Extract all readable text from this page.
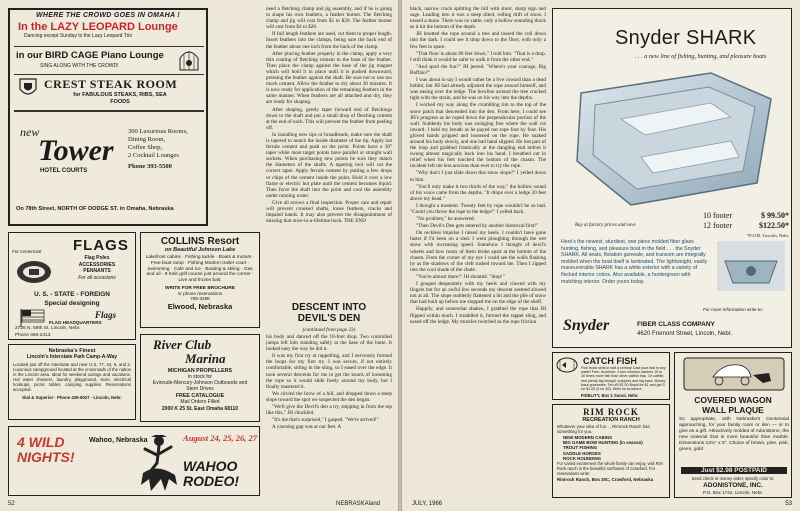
WHERE THE CROWD GOES IN OMAHA !
In the LAZY LEOPARD Lounge
Dancing except Sunday to the Lazy Leopard Trio
in our BIRD CAGE Piano Lounge
SING ALONG WITH THE CROWD!
CREST STEAK ROOM
for FABULOUS STEAKS, RIBS, SEA FOODS
new
Tower
HOTEL COURTS
300 Luxurious Rooms,
Dining Room,
Coffee Shop,
2 Cocktail Lounges
Phone 393-5500
On 78th Street, NORTH OF DODGE ST. in Omaha, Nebraska
For centennial FLAGS
Flag Poles
ACCESSORIES
PENNANTS
For all occasions
U. S. - STATE - FOREIGN
Special designing
Flags
FLAG HEADQUARTERS
2726 N. 59th St. Lincoln, Nebr.
Phone 466-2413
COLLINS Resort
on Beautiful Johnson Lake
Lakefront cabins · Fishing tackle · Boats & motors · Free boat ramp · Fishing Modern trailer court · Swimming · Cafe and Ice · Boating & skiing · Gas and oil · 9 hole golf course just around the corner · Live and frozen bait.
WRITE FOR FREE BROCHURE
or phone reservations
785-3298
Elwood, Nebraska
Nebraska's Finest
Lincoln's Interstate Park Camp-A-Way
Located just off the Interstate and near U.S. 77, 34, 6, and 2. Luxurious campground located at the crossroads of the nation in the Lincoln area. Ideal for weekend outings and vacations. Hot water showers, laundry, playground, store, electrical hookups, picnic tables, camping supplies. Reservations accepted.
Dial & Superior · Phone 435-9027 · Lincoln, Nebr.
River Club
Marina
MICHIGAN PROPELLERS
in stock for
Evinrude-Mercury-Johnson Outboards and Stern Drives
FREE CATALOGUE
Mail Orders Filled
2000 K 25 St. East Omaha 68110
4 WILD NIGHTS!
Wahoo, Nebraska	August 24, 25, 26, 27
WAHOO RODEO!

need a fletching clamp and jig assembly, and if he is going to shape his own feathers, a feather burner. The fletching clamp and jig will cost from $5 to $20. The feather burner will cost from $4 to $20.

If full length feathers are used, cut them to proper length. Insert feathers into the clamps, being sure the back end of the feather about one inch from the back of the clamp.

After placing feather properly in the clamp, apply a very thin coating of fletching cement to the base of the feather. Then place the clamp against the base of the jig magnet which will hold it in place until it is pushed downward, pressing the feather against the shaft. Be sure not to use too much cement. Allow the feather to dry about 30 minutes. It is now ready for application of the remaining feathers in the same manner. When feathers are all attached and dry, they are ready for shaping.

After shaping, gently taper forward end of fletchings down to the shaft and put a small drop of fletching cement at the end of each. This will prevent the feather from peeling off.

In installing new tips or broadheads, make sure the shaft is tapered to match the inside diameter of the tip. Apply hot ferrule cement and push on the point. Points have a 30° taper while most target points have parallel or straight wall sockets. When purchasing new points be sure they match the diameters of the shafts. A tapering tool will cut the correct taper. Apply ferrule cement by putting a few drops or chips of the cement inside the point. Hold it over a low flame or electric hot plate until the cement becomes liquid. Then force the shaft into the point and cool the assembly under running water.

Give all arrows a final inspection. Proper care and repair will prevent crooked shafts, loose feathers, cracks and impaled hands. It may also prevent the disappointment of missing that once-in-a-lifetime buck. THE END

DESCENT INTO DEVIL'S DEN
(continued from page 23)

his body and danced off the 18-foot drop. Two controlled jumps left him standing safely at the base of the butte. It looked easy the way he did it.

It was my first try at rappelling, and I nervously formed the loops for my first try. I was secure, if not entirely comfortable, sitting in the sling, so I eased over the edge. It took several descents for me to get the knack of loosening the rope so it would slide freely around my body, but I finally mastered it.

We circled the brow of a hill, and dropped down a steep slope toward the spot we suspected the den began.

"We'll give the Devil's den a try, stepping in from the top like this," JH chuckled.

"It's me that's surprised," I gasped. "We're arrived!"

A yawning gap was at our feet. A

52	NEBRASKAland

black, narrow crack splitting the hill with short, sharp sign and sage. Leading into it was a steep tilted, rolling drift of snow. I tossed a stone. There was no rattle, only a hollow sounding thuck as it hit the bottom of the depth.

JH knotted the rope around a tree and tossed the coil down into the dark. I could see it drop down to the floor, with only a few feet to spare.

"That floor is about 80 feet down," I told him. "That is a drop. I still think it would be safer to walk it from the other end."

"And spoil the fun?" JH jeered. "Where's your courage, Big Buffalo?"

I was about to say I would rather be a live coward than a dead hobbit, but JH had already adjusted the rope around himself, and was easing over the ledge. The bowline around the tree cracked tight with the strain, and he was on his way into the depths.

I worked my way along the crumbling rim to the top of the snow patch that descended into the den. From here, I could see JH's progress as he roped down the perpendicular portion of the wall. Suddenly his body was swinging free where the wall cut inward. I held my breath as he payed out rope foot by foot. His gloved hands gripped and loosened on the rope. He snaked around his body slowly, and one bad hand slipped. He lost part of the loop and grabbed frantically at the dangling end before it swung almost magically back into his hand. I breathed out in relief when his feet touched the bottom of the chasm. The incident left me less anxious than ever to try the rope.

"Why don't I just slide down this snow slope?" I yelled down to him.

"You'll only make it two thirds of the way," the hollow sound of his voice came from the depths. "It drops over a ledge 20 feet above my head."

I thought a moment. Twenty feet by rope wouldn't be so bad. "Could you throw the rope to the ledge?" I yelled back.

"No problem," he answered.

"Then Devil's Den gets entered by another historical first!"

On reckless impulse I raised my heels. I couldn't have gone faster if I'd been on a sled. I went ploughing through the wet snow with increasing speed. Somehow I thought of devil's wheels and how many of them broke apart at the bottom of the chasm. From the corner of my eye I could see the walls flashing by as the shadows of the cleft rushed toward me. Then I zipped into the cool shade of the chute.

"You're almost there!" JH shouted. "Stop!"

I gouged desperately with my heels and clawed with my fingers but for an awful few seconds my descent seemed slowed not at all. The slope suddenly flattened a bit and the pile of snow that had built up before me stopped me on the edge of the shelf.

Happily, and somewhat shaken, I grabbed the rope that JH flipped within reach. I straddled it, formed the rappel sling, and eased off the ledge. My muscles twitched as the rope friction

Snyder SHARK
. . . a new line of fishing, hunting, and pleasure boats
Buy at factory prices and save
10 footer	$ 99.50*
12 footer	$122.50*
*F.O.B. Lincoln, Nebr.
Here's the newest, sturdiest, one piece molded fiber glass hunting, fishing, and pleasure boat in the field . . . the Snyder SHARK. All seats, flotation gunwale, and transom are integrally molded when the boat itself is laminated. The lightweight, easily maneuverable SHARK has a white exterior with a variety of flecked interior colors. Also available, a huntergreen with matching interior. Order yours today.
For more information write to:
Snyder	FIBER CLASS COMPANY
4620 Fremont Street, Lincoln, Nebr.
CATCH FISH
Fish Hook sells in half a century Cast your bait in any water! Free, brochure. 3 lure minnow catches 10 to 30 times more fish than other catfish trap. Or catfish reel plenty big bluegill, crappies and big bass. Money back guarantee. Ten #5 $1.00 Brazil for $1 and get 3 for $1.00 (5 for $2). Write for brochure.
FIDELITY, Box 1 Sunol, Nebr.
RIM ROCK
RECREATION RANCH
Whatever your idea of fun ... Rimrock Ranch has something for you.
NEW MODERN CABINS
BIG GAME BOW HUNTING (in season)
TROUT FISHING
SADDLE HORSES
ROCK HOUNDING
For varied excitement the whole family can enjoy, visit Rim Rock ranch in the beautiful northwest of Crawford. For reservations write:
Rimrock Ranch, Box 30C, Crawford, Nebraska
COVERED WAGON
WALL PLAQUE
So appropriate, with Nebraska's Centennial approaching, for your family room or den — or to give as a gift. Attractively molded of Adonistone, the new material that is more beautiful than marble. Dimensions 13¾" x 5". Choice of brown, pine, pink, green, gold
Just $2.98 POSTPAID
Send check or money order, specify color to:
ADONISTONE, INC.
P.O. Box 1742, Lincoln, Nebr.
JULY, 1966	53
